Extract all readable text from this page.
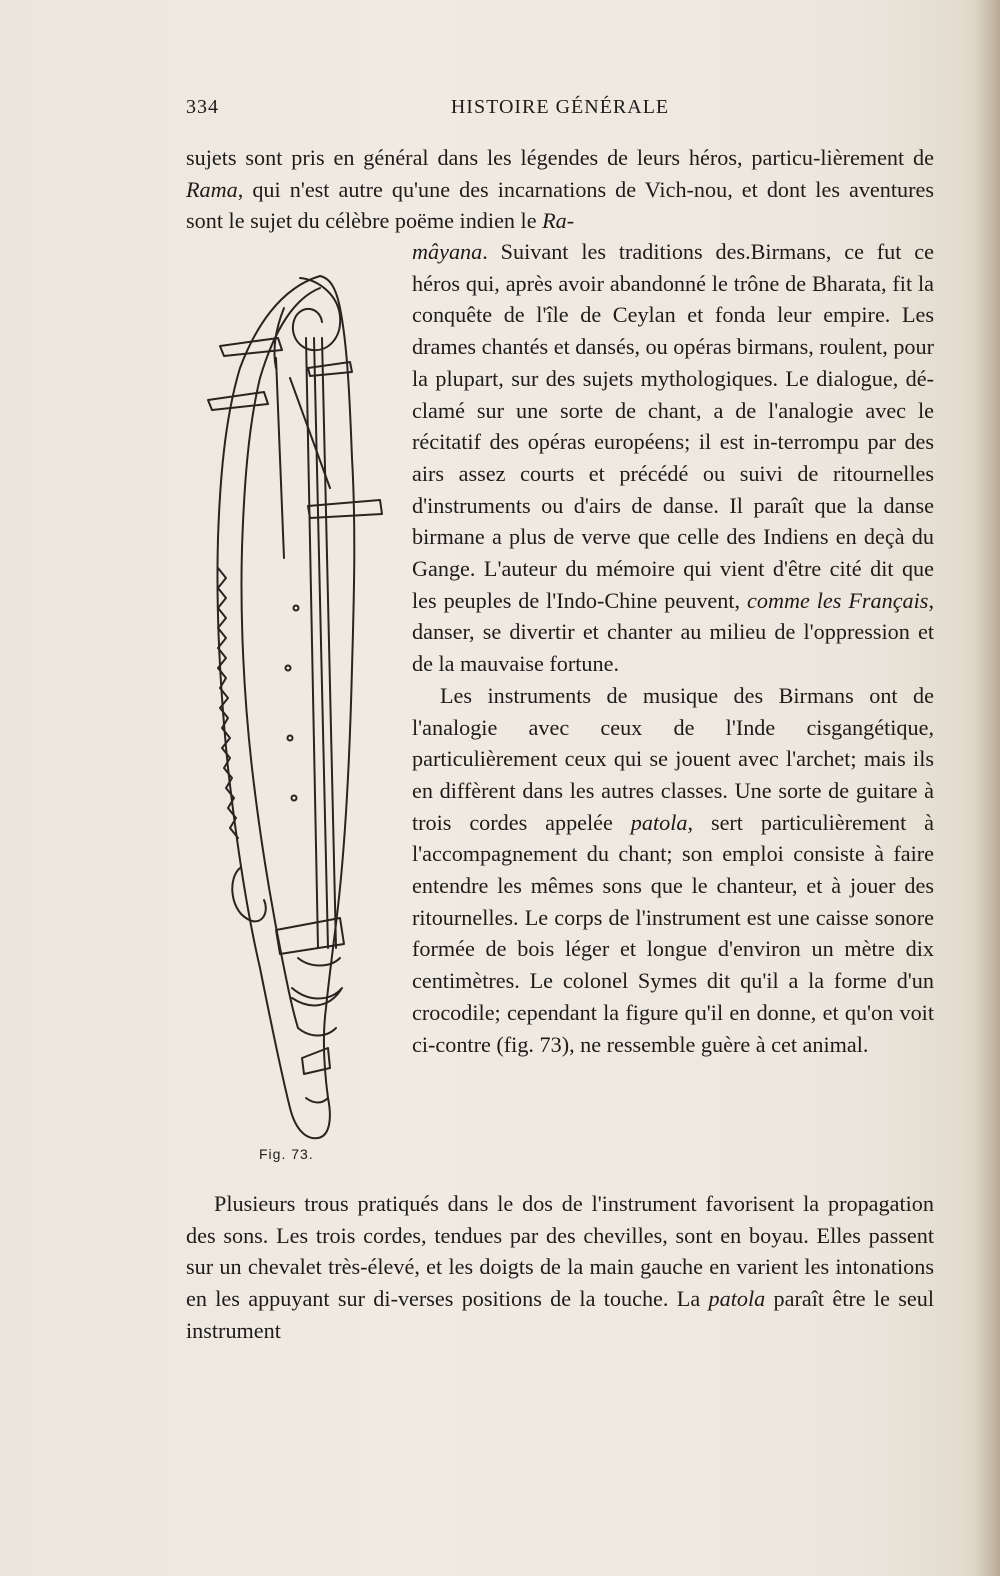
334	HISTOIRE GÉNÉRALE

sujets sont pris en général dans les légendes de leurs héros, particu-lièrement de Rama, qui n'est autre qu'une des incarnations de Vich-nou, et dont les aventures sont le sujet du célèbre poëme indien le Ra-

mâyana. Suivant les traditions des.Birmans, ce fut ce héros qui, après avoir abandonné le trône de Bharata, fit la conquête de l'île de Ceylan et fonda leur empire. Les drames chantés et dansés, ou opéras birmans, roulent, pour la plupart, sur des sujets mythologiques. Le dialogue, dé-clamé sur une sorte de chant, a de l'analogie avec le récitatif des opéras européens; il est in-terrompu par des airs assez courts et précédé ou suivi de ritournelles d'instruments ou d'airs de danse. Il paraît que la danse birmane a plus de verve que celle des Indiens en deçà du Gange. L'auteur du mémoire qui vient d'être cité dit que les peuples de l'Indo-Chine peuvent, comme les Français, danser, se divertir et chanter au milieu de l'oppression et de la mauvaise fortune.
Les instruments de musique des Birmans ont de l'analogie avec ceux de l'Inde cisgangétique, particulièrement ceux qui se jouent avec l'archet; mais ils en diffèrent dans les autres classes. Une sorte de guitare à trois cordes appelée patola, sert particulièrement à l'accompagnement du chant; son emploi consiste à faire entendre les mêmes sons que le chanteur, et à jouer des ritournelles. Le corps de l'instrument est une caisse sonore formée de bois léger et longue d'environ un mètre dix centimètres. Le colonel Symes dit qu'il a la forme d'un crocodile; cependant la figure qu'il en donne, et qu'on voit ci-contre (fig. 73), ne ressemble guère à cet animal.
Fig. 73.

Plusieurs trous pratiqués dans le dos de l'instrument favorisent la propagation des sons. Les trois cordes, tendues par des chevilles, sont en boyau. Elles passent sur un chevalet très-élevé, et les doigts de la main gauche en varient les intonations en les appuyant sur di-verses positions de la touche. La patola paraît être le seul instrument
